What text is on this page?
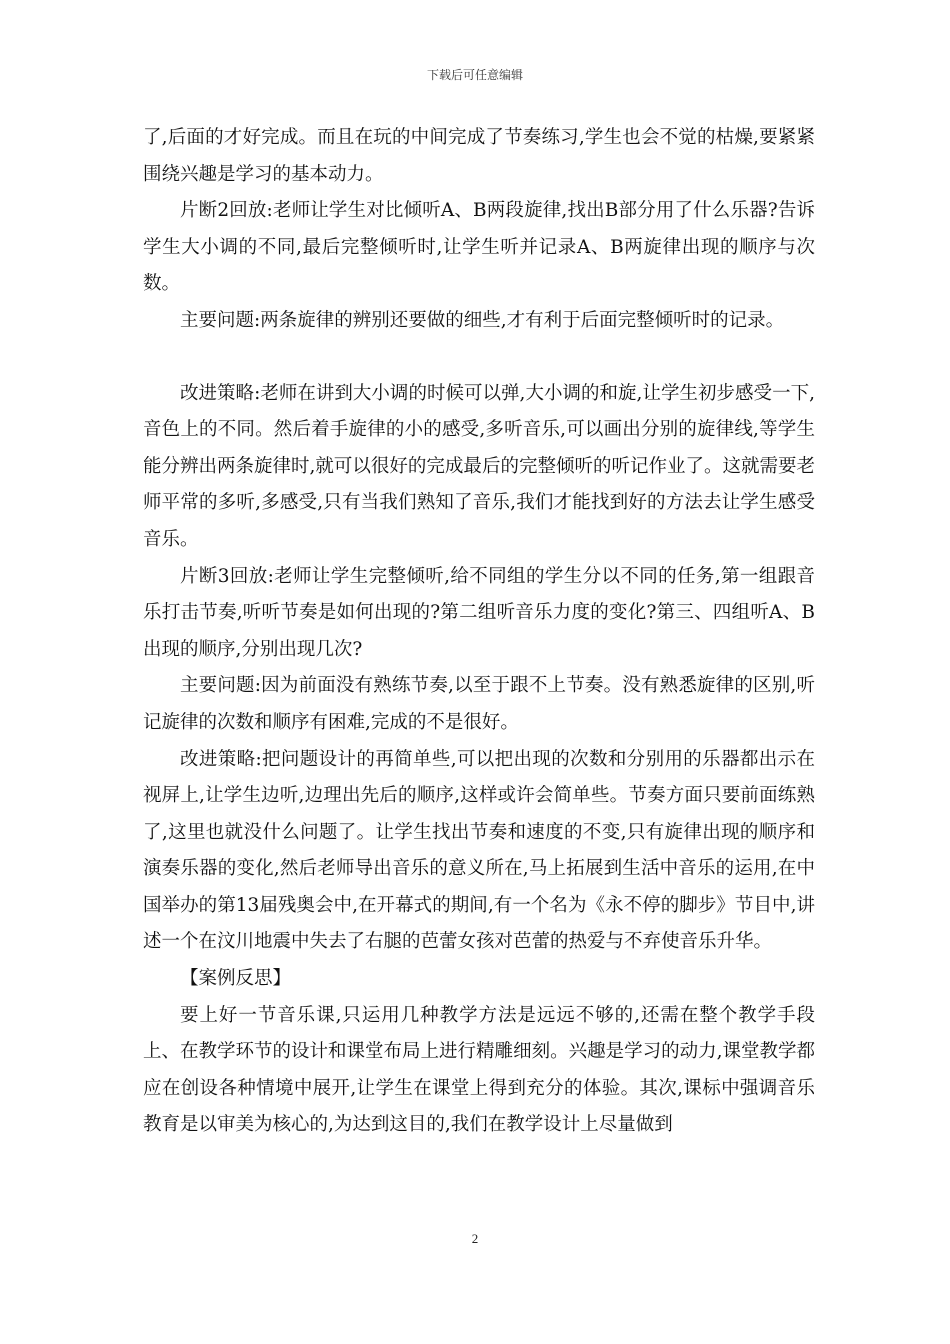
下载后可任意编辑

了,后面的才好完成。而且在玩的中间完成了节奏练习,学生也会不觉的枯燥,要紧紧围绕兴趣是学习的基本动力。

片断2回放:老师让学生对比倾听A、B两段旋律,找出B部分用了什么乐器?告诉学生大小调的不同,最后完整倾听时,让学生听并记录A、B两旋律出现的顺序与次数。

主要问题:两条旋律的辨别还要做的细些,才有利于后面完整倾听时的记录。

改进策略:老师在讲到大小调的时候可以弹,大小调的和旋,让学生初步感受一下,音色上的不同。然后着手旋律的小的感受,多听音乐,可以画出分别的旋律线,等学生能分辨出两条旋律时,就可以很好的完成最后的完整倾听的听记作业了。这就需要老师平常的多听,多感受,只有当我们熟知了音乐,我们才能找到好的方法去让学生感受音乐。

片断3回放:老师让学生完整倾听,给不同组的学生分以不同的任务,第一组跟音乐打击节奏,听听节奏是如何出现的?第二组听音乐力度的变化?第三、四组听A、B出现的顺序,分别出现几次?

主要问题:因为前面没有熟练节奏,以至于跟不上节奏。没有熟悉旋律的区别,听记旋律的次数和顺序有困难,完成的不是很好。

改进策略:把问题设计的再简单些,可以把出现的次数和分别用的乐器都出示在视屏上,让学生边听,边理出先后的顺序,这样或许会简单些。节奏方面只要前面练熟了,这里也就没什么问题了。让学生找出节奏和速度的不变,只有旋律出现的顺序和演奏乐器的变化,然后老师导出音乐的意义所在,马上拓展到生活中音乐的运用,在中国举办的第13届残奥会中,在开幕式的期间,有一个名为《永不停的脚步》节目中,讲述一个在汶川地震中失去了右腿的芭蕾女孩对芭蕾的热爱与不弃使音乐升华。

【案例反思】

要上好一节音乐课,只运用几种教学方法是远远不够的,还需在整个教学手段上、在教学环节的设计和课堂布局上进行精雕细刻。兴趣是学习的动力,课堂教学都应在创设各种情境中展开,让学生在课堂上得到充分的体验。其次,课标中强调音乐教育是以审美为核心的,为达到这目的,我们在教学设计上尽量做到

2
